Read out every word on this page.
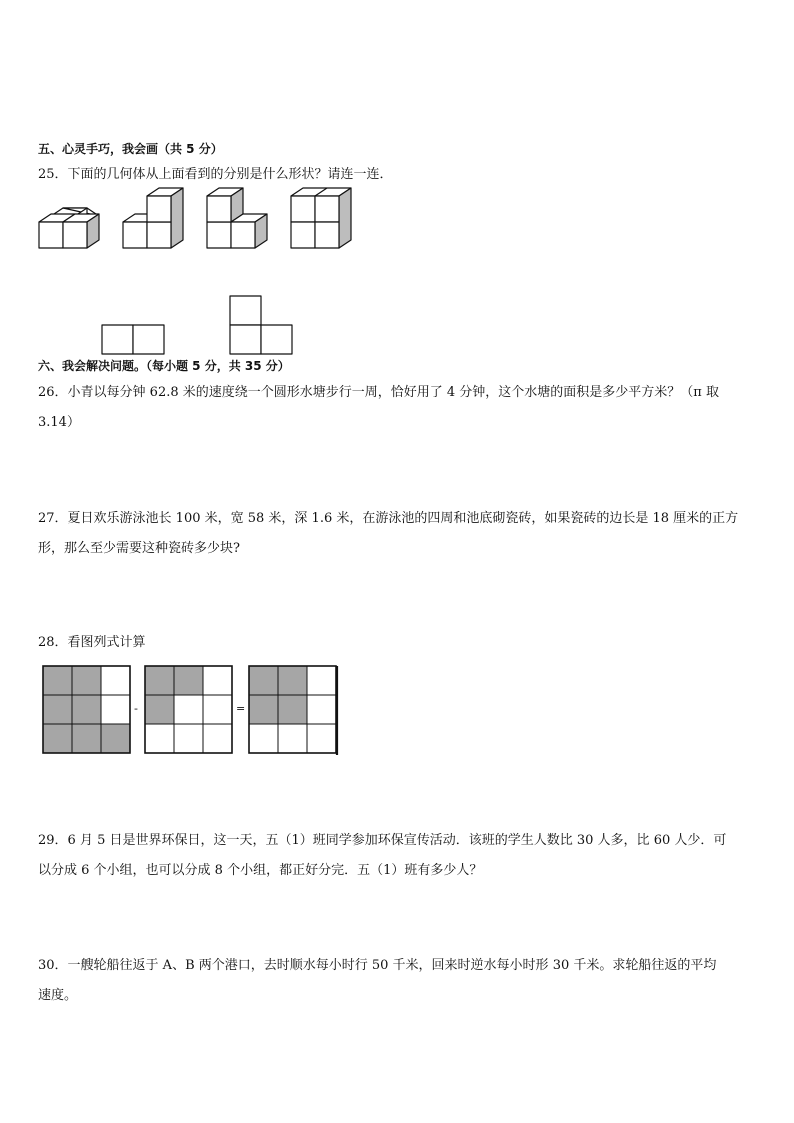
五、心灵手巧，我会画（共 5 分）
25．下面的几何体从上面看到的分别是什么形状？请连一连．
六、我会解决问题。（每小题 5 分，共 35 分）
26．小青以每分钟 62.8 米的速度绕一个圆形水塘步行一周，恰好用了 4 分钟，这个水塘的面积是多少平方米？（π 取
3.14）
27．夏日欢乐游泳池长 100 米，宽 58 米，深 1.6 米，在游泳池的四周和池底砌瓷砖，如果瓷砖的边长是 18 厘米的正方
形，那么至少需要这种瓷砖多少块?
28．看图列式计算
-	=
29．6 月 5 日是世界环保日，这一天，五（1）班同学参加环保宣传活动．该班的学生人数比 30 人多，比 60 人少．可
以分成 6 个小组，也可以分成 8 个小组，都正好分完．五（1）班有多少人？
30．一艘轮船往返于 A、B 两个港口，去时顺水每小时行 50 千米，回来时逆水每小时形 30 千米。求轮船往返的平均
速度。
